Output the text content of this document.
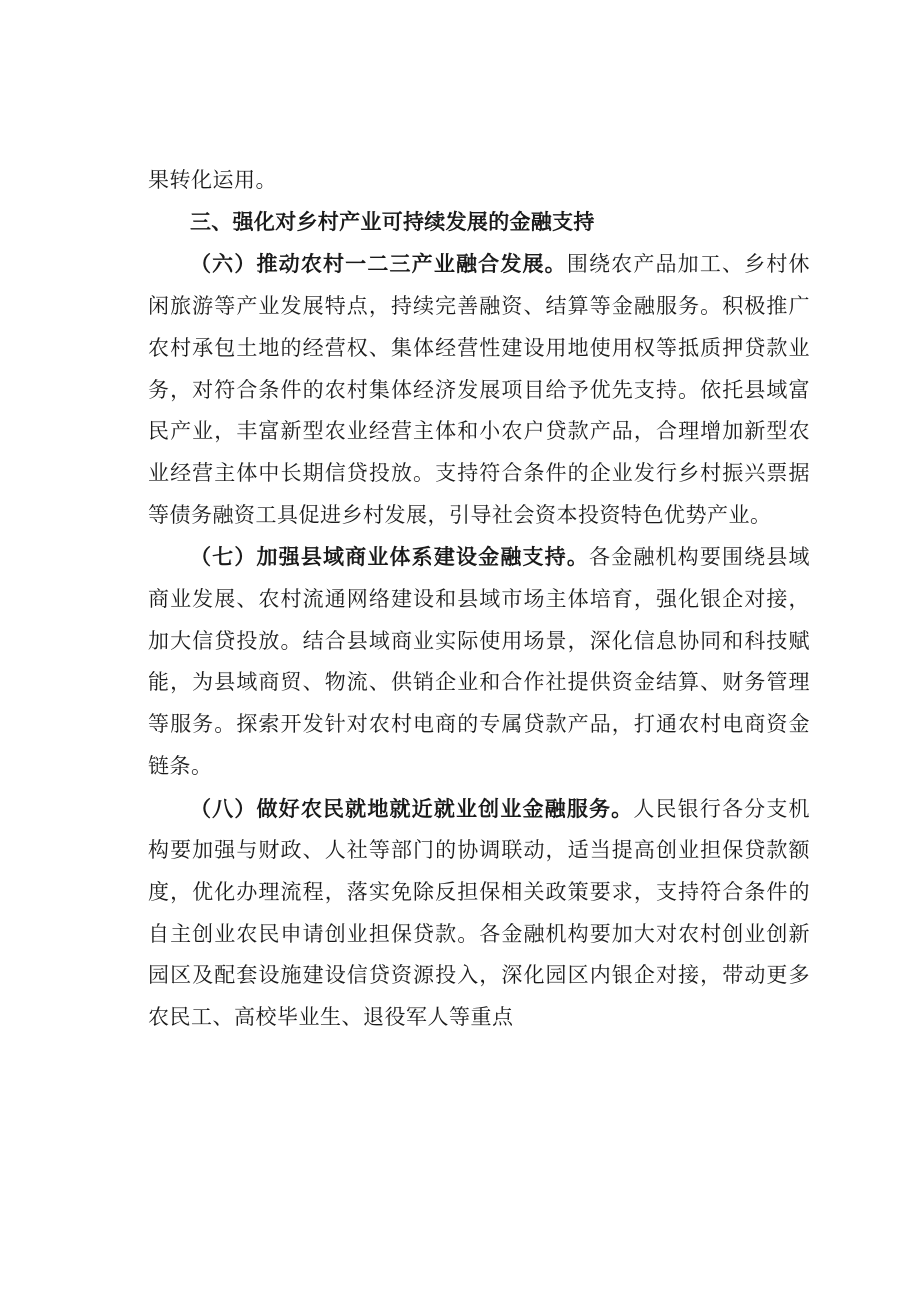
果转化运用。

三、强化对乡村产业可持续发展的金融支持

（六）推动农村一二三产业融合发展。围绕农产品加工、乡村休闲旅游等产业发展特点，持续完善融资、结算等金融服务。积极推广农村承包土地的经营权、集体经营性建设用地使用权等抵质押贷款业务，对符合条件的农村集体经济发展项目给予优先支持。依托县域富民产业，丰富新型农业经营主体和小农户贷款产品，合理增加新型农业经营主体中长期信贷投放。支持符合条件的企业发行乡村振兴票据等债务融资工具促进乡村发展，引导社会资本投资特色优势产业。

（七）加强县域商业体系建设金融支持。各金融机构要围绕县域商业发展、农村流通网络建设和县域市场主体培育，强化银企对接，加大信贷投放。结合县域商业实际使用场景，深化信息协同和科技赋能，为县域商贸、物流、供销企业和合作社提供资金结算、财务管理等服务。探索开发针对农村电商的专属贷款产品，打通农村电商资金链条。

（八）做好农民就地就近就业创业金融服务。人民银行各分支机构要加强与财政、人社等部门的协调联动，适当提高创业担保贷款额度，优化办理流程，落实免除反担保相关政策要求，支持符合条件的自主创业农民申请创业担保贷款。各金融机构要加大对农村创业创新园区及配套设施建设信贷资源投入，深化园区内银企对接，带动更多农民工、高校毕业生、退役军人等重点
